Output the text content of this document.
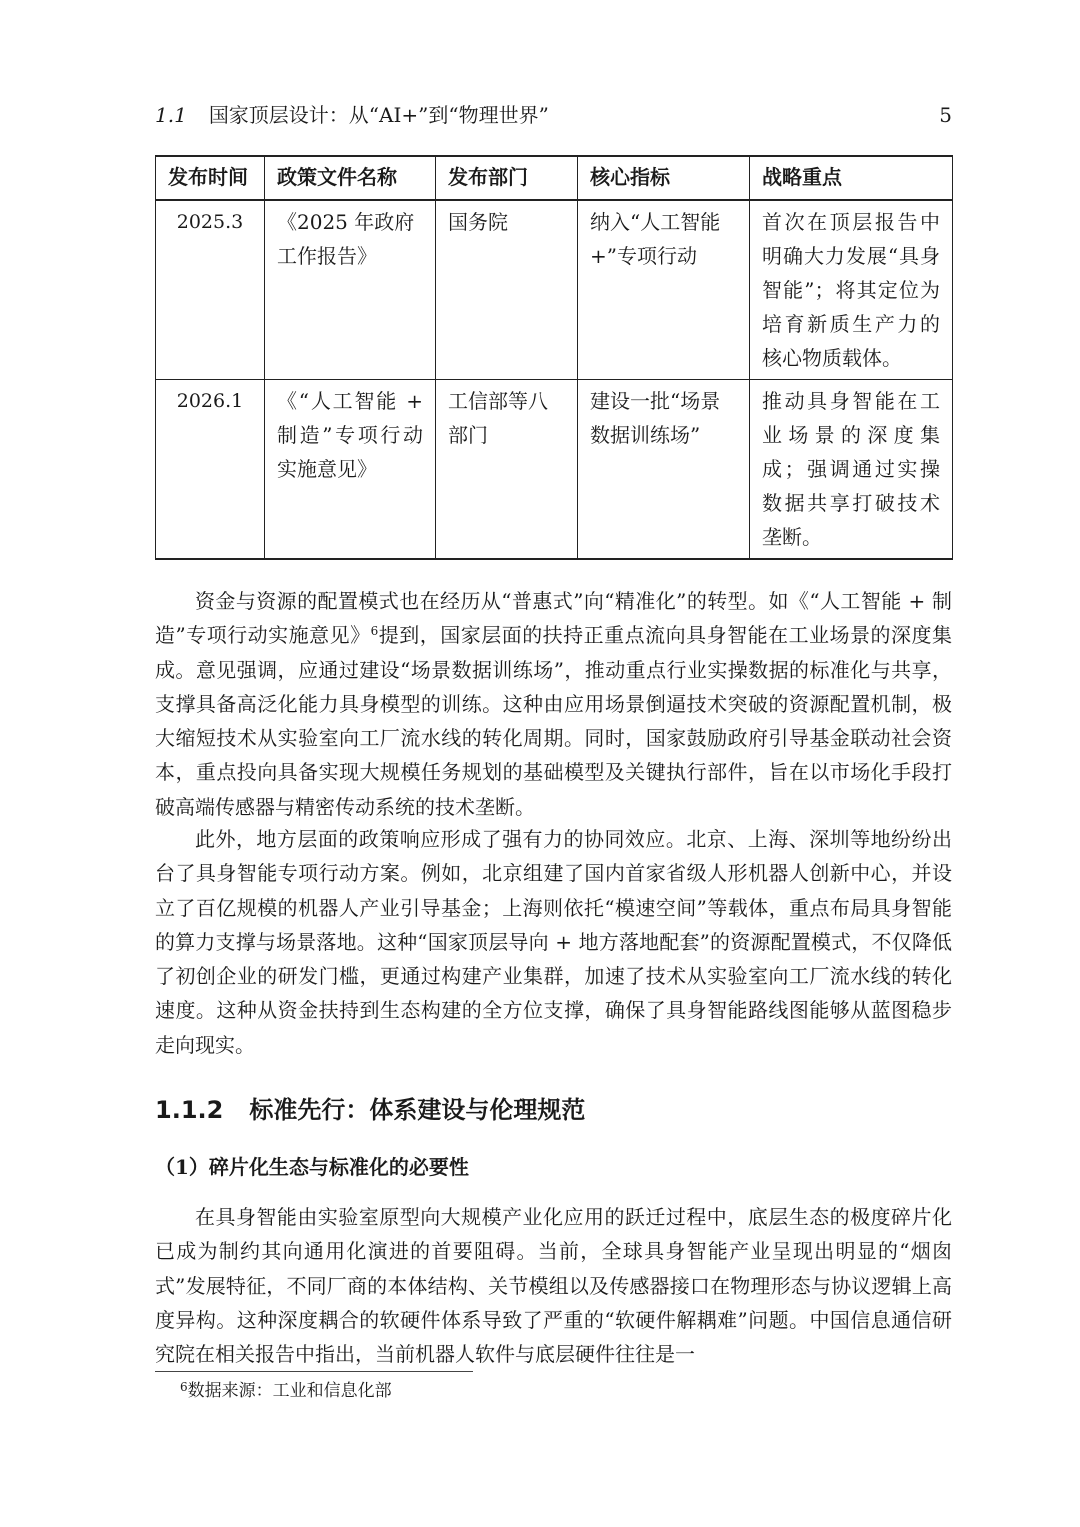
1.1 国家顶层设计：从“AI+”到“物理世界”	5
发布时间	政策文件名称	发布部门	核心指标	战略重点
2025.3	《2025 年政府工作报告》	国务院	纳入“人工智能+”专项行动	首次在顶层报告中明确大力发展“具身智能”；将其定位为培育新质生产力的核心物质载体。
2026.1	《“人工智能 + 制造”专项行动实施意见》	工信部等八部门	建设一批“场景数据训练场”	推动具身智能在工业场景的深度集成；强调通过实操数据共享打破技术垄断。

资金与资源的配置模式也在经历从“普惠式”向“精准化”的转型。如《“人工智能 + 制造”专项行动实施意见》$^6$提到，国家层面的扶持正重点流向具身智能在工业场景的深度集成。意见强调，应通过建设“场景数据训练场”，推动重点行业实操数据的标准化与共享，支撑具备高泛化能力具身模型的训练。这种由应用场景倒逼技术突破的资源配置机制，极大缩短技术从实验室向工厂流水线的转化周期。同时，国家鼓励政府引导基金联动社会资本，重点投向具备实现大规模任务规划的基础模型及关键执行部件，旨在以市场化手段打破高端传感器与精密传动系统的技术垄断。

此外，地方层面的政策响应形成了强有力的协同效应。北京、上海、深圳等地纷纷出台了具身智能专项行动方案。例如，北京组建了国内首家省级人形机器人创新中心，并设立了百亿规模的机器人产业引导基金；上海则依托“模速空间”等载体，重点布局具身智能的算力支撑与场景落地。这种“国家顶层导向 + 地方落地配套”的资源配置模式，不仅降低了初创企业的研发门槛，更通过构建产业集群，加速了技术从实验室向工厂流水线的转化速度。这种从资金扶持到生态构建的全方位支撑，确保了具身智能路线图能够从蓝图稳步走向现实。

1.1.2 标准先行：体系建设与伦理规范
（1）碎片化生态与标准化的必要性

在具身智能由实验室原型向大规模产业化应用的跃迁过程中，底层生态的极度碎片化已成为制约其向通用化演进的首要阻碍。当前，全球具身智能产业呈现出明显的“烟囱式”发展特征，不同厂商的本体结构、关节模组以及传感器接口在物理形态与协议逻辑上高度异构。这种深度耦合的软硬件体系导致了严重的“软硬件解耦难”问题。中国信息通信研究院在相关报告中指出，当前机器人软件与底层硬件往往是一

$^6$数据来源：工业和信息化部
